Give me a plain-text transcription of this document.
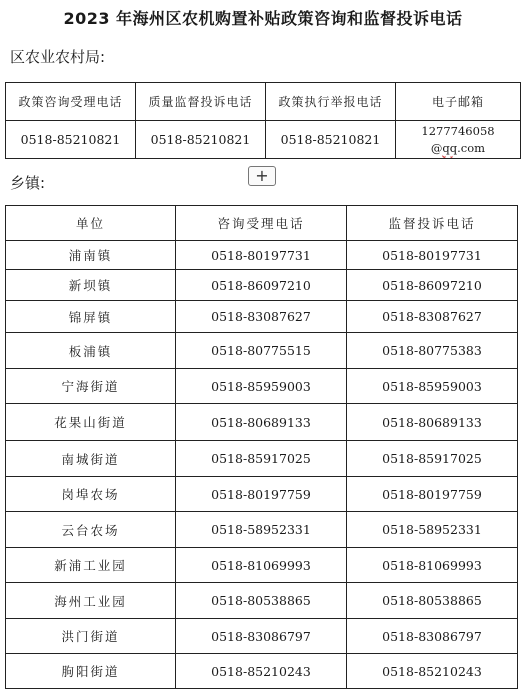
2023 年海州区农机购置补贴政策咨询和监督投诉电话
区农业农村局:
政策咨询受理电话	质量监督投诉电话	政策执行举报电话	电子邮箱
0518-85210821	0518-85210821	0518-85210821	1277746058
@qq.com
乡镇:	+
单位	咨询受理电话	监督投诉电话
浦南镇	0518-80197731	0518-80197731
新坝镇	0518-86097210	0518-86097210
锦屏镇	0518-83087627	0518-83087627
板浦镇	0518-80775515	0518-80775383
宁海街道	0518-85959003	0518-85959003
花果山街道	0518-80689133	0518-80689133
南城街道	0518-85917025	0518-85917025
岗埠农场	0518-80197759	0518-80197759
云台农场	0518-58952331	0518-58952331
新浦工业园	0518-81069993	0518-81069993
海州工业园	0518-80538865	0518-80538865
洪门街道	0518-83086797	0518-83086797
朐阳街道	0518-85210243	0518-85210243
